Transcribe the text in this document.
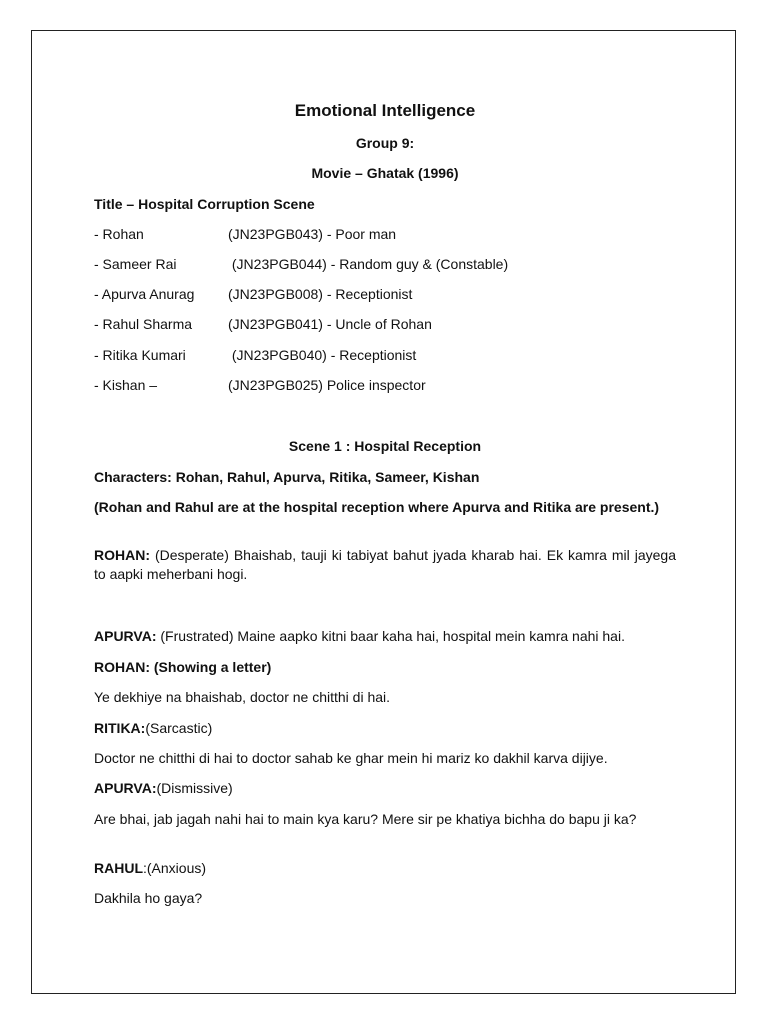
Emotional Intelligence
Group 9:
Movie – Ghatak (1996)
Title – Hospital Corruption Scene
- Rohan	(JN23PGB043) - Poor man
- Sameer Rai	(JN23PGB044) - Random guy & (Constable)
- Apurva Anurag (JN23PGB008) - Receptionist
- Rahul Sharma	(JN23PGB041) - Uncle of Rohan
- Ritika Kumari	(JN23PGB040) - Receptionist
- Kishan –	(JN23PGB025) Police inspector
Scene 1 : Hospital Reception
Characters: Rohan, Rahul, Apurva, Ritika, Sameer, Kishan
(Rohan and Rahul are at the hospital reception where Apurva and Ritika are present.)
ROHAN: (Desperate) Bhaishab, tauji ki tabiyat bahut jyada kharab hai. Ek kamra mil jayega to aapki meherbani hogi.
APURVA: (Frustrated) Maine aapko kitni baar kaha hai, hospital mein kamra nahi hai.
ROHAN: (Showing a letter)
Ye dekhiye na bhaishab, doctor ne chitthi di hai.
RITIKA:(Sarcastic)
Doctor ne chitthi di hai to doctor sahab ke ghar mein hi mariz ko dakhil karva dijiye.
APURVA:(Dismissive)
Are bhai, jab jagah nahi hai to main kya karu? Mere sir pe khatiya bichha do bapu ji ka?
RAHUL:(Anxious)
Dakhila ho gaya?
